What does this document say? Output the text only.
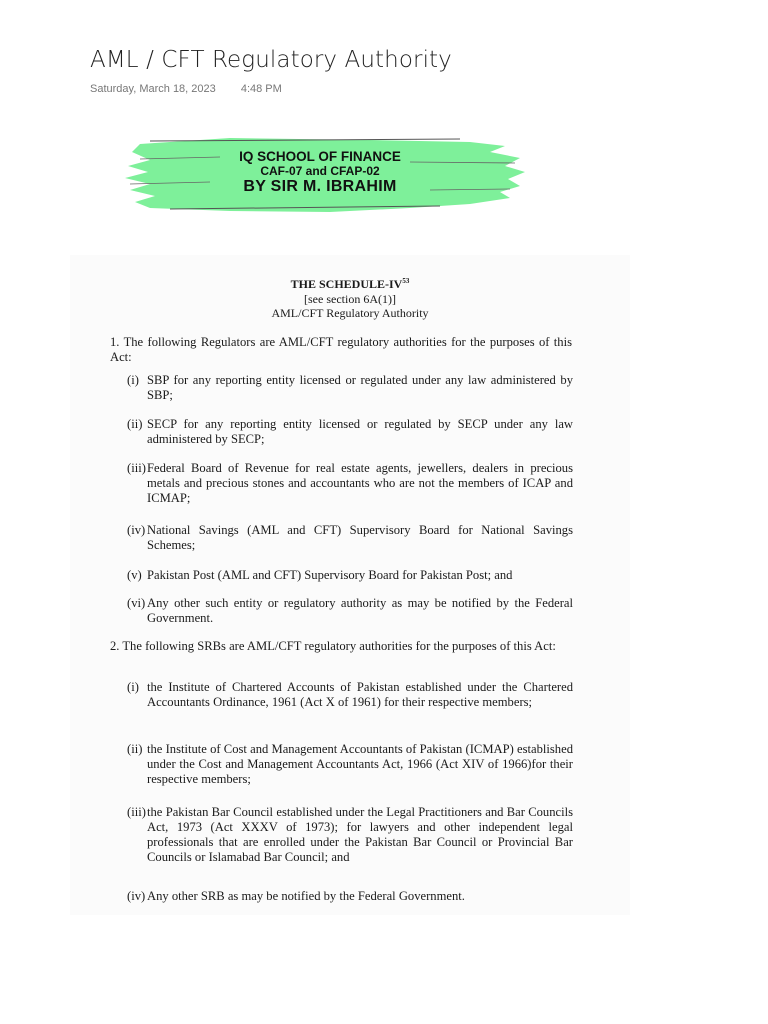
AML / CFT Regulatory Authority
Saturday, March 18, 2023 4:48 PM
IQ SCHOOL OF FINANCE
CAF-07 and CFAP-02
BY SIR M. IBRAHIM
THE SCHEDULE-IV$^{53}$
[see section 6A(1)]
AML/CFT Regulatory Authority
1. The following Regulators are AML/CFT regulatory authorities for the purposes of this Act:
(i) SBP for any reporting entity licensed or regulated under any law administered by SBP;
(ii) SECP for any reporting entity licensed or regulated by SECP under any law administered by SECP;
(iii) Federal Board of Revenue for real estate agents, jewellers, dealers in precious metals and precious stones and accountants who are not the members of ICAP and ICMAP;
(iv) National Savings (AML and CFT) Supervisory Board for National Savings Schemes;
(v) Pakistan Post (AML and CFT) Supervisory Board for Pakistan Post; and
(vi) Any other such entity or regulatory authority as may be notified by the Federal Government.
2. The following SRBs are AML/CFT regulatory authorities for the purposes of this Act:
(i) the Institute of Chartered Accounts of Pakistan established under the Chartered Accountants Ordinance, 1961 (Act X of 1961) for their respective members;
(ii) the Institute of Cost and Management Accountants of Pakistan (ICMAP) established under the Cost and Management Accountants Act, 1966 (Act XIV of 1966)for their respective members;
(iii) the Pakistan Bar Council established under the Legal Practitioners and Bar Councils Act, 1973 (Act XXXV of 1973); for lawyers and other independent legal professionals that are enrolled under the Pakistan Bar Council or Provincial Bar Councils or Islamabad Bar Council; and
(iv) Any other SRB as may be notified by the Federal Government.
